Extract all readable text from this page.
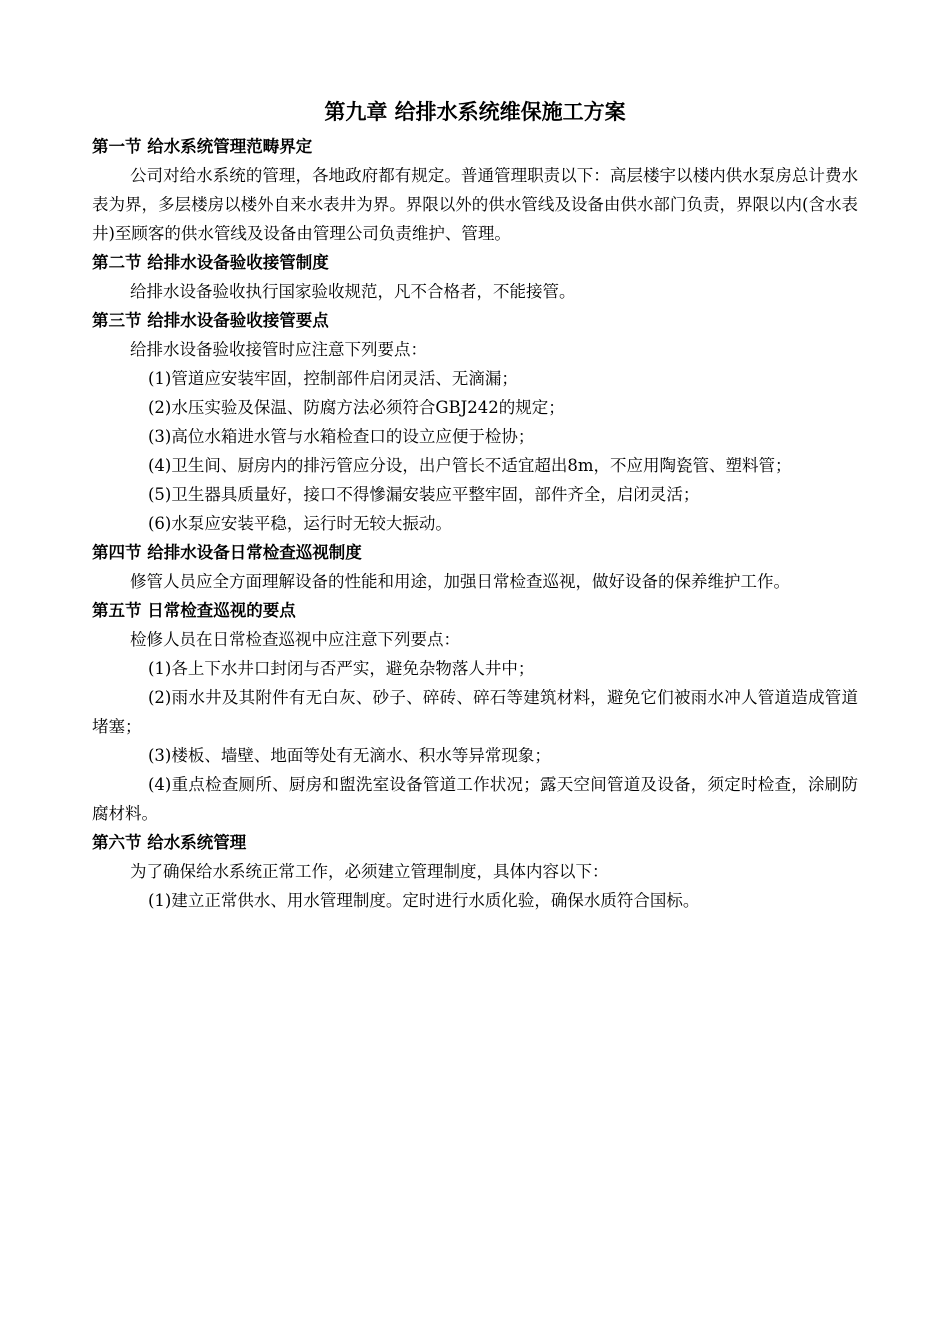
第九章 给排水系统维保施工方案
第一节 给水系统管理范畴界定

公司对给水系统的管理，各地政府都有规定。普通管理职责以下：高层楼宇以楼内供水泵房总计费水表为界，多层楼房以楼外自来水表井为界。界限以外的供水管线及设备由供水部门负责，界限以内(含水表井)至顾客的供水管线及设备由管理公司负责维护、管理。

第二节 给排水设备验收接管制度

给排水设备验收执行国家验收规范，凡不合格者，不能接管。

第三节 给排水设备验收接管要点

给排水设备验收接管时应注意下列要点：

(1)管道应安装牢固，控制部件启闭灵活、无滴漏；

(2)水压实验及保温、防腐方法必须符合GBJ242的规定；

(3)高位水箱进水管与水箱检查口的设立应便于检协；

(4)卫生间、厨房内的排污管应分设，出户管长不适宜超出8m，不应用陶瓷管、塑料管；

(5)卫生器具质量好，接口不得慘漏安装应平整牢固，部件齐全，启闭灵活；

(6)水泵应安装平稳，运行时无较大振动。

第四节 给排水设备日常检查巡视制度

修管人员应全方面理解设备的性能和用途，加强日常检查巡视，做好设备的保养维护工作。

第五节 日常检查巡视的要点

检修人员在日常检查巡视中应注意下列要点：

(1)各上下水井口封闭与否严实，避免杂物落人井中；

(2)雨水井及其附件有无白灰、砂子、碎砖、碎石等建筑材料，避免它们被雨水冲人管道造成管道堵塞；

(3)楼板、墙壁、地面等处有无滴水、积水等异常现象；

(4)重点检查厕所、厨房和盥洗室设备管道工作状况；露天空间管道及设备，须定时检查，涂刷防腐材料。

第六节 给水系统管理

为了确保给水系统正常工作，必须建立管理制度，具体内容以下：

(1)建立正常供水、用水管理制度。定时进行水质化验，确保水质符合国标。
